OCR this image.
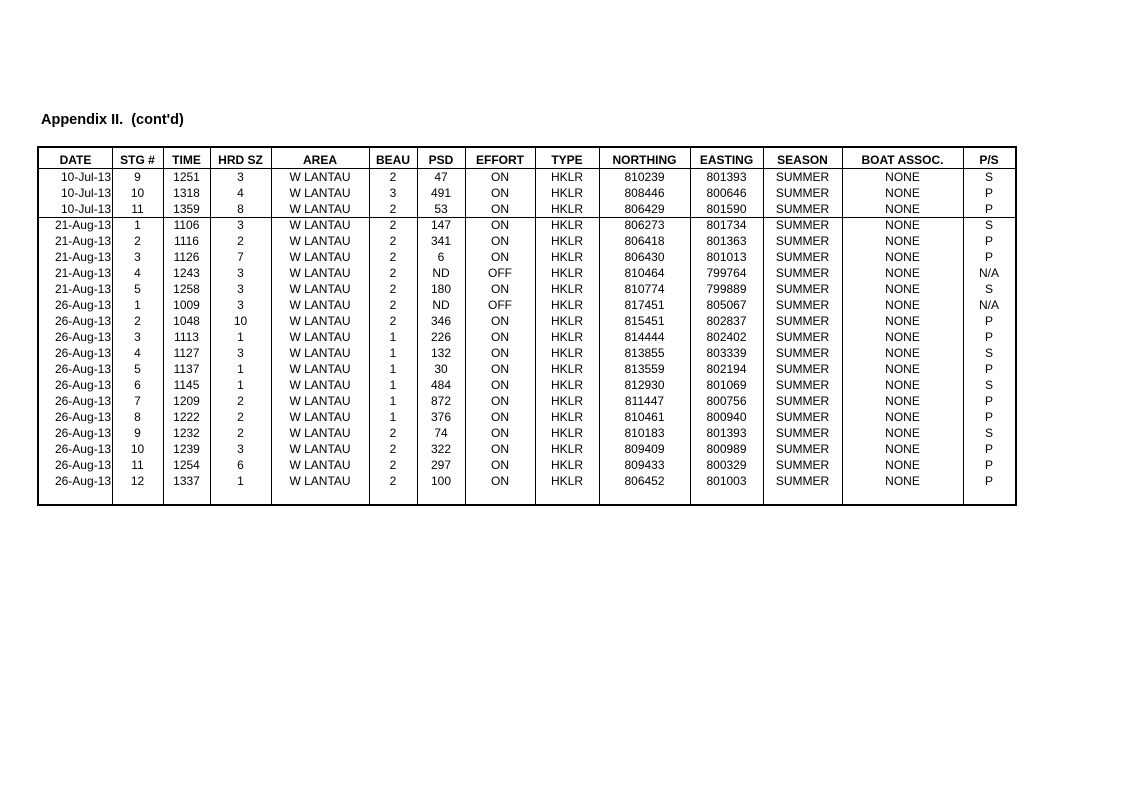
Appendix II.  (cont'd)
DATE	STG #	TIME	HRD SZ	AREA	BEAU	PSD	EFFORT	TYPE	NORTHING	EASTING	SEASON	BOAT ASSOC.	P/S
10-Jul-13	9	1251	3	W LANTAU	2	47	ON	HKLR	810239	801393	SUMMER	NONE	S
10-Jul-13	10	1318	4	W LANTAU	3	491	ON	HKLR	808446	800646	SUMMER	NONE	P
10-Jul-13	11	1359	8	W LANTAU	2	53	ON	HKLR	806429	801590	SUMMER	NONE	P
21-Aug-13	1	1106	3	W LANTAU	2	147	ON	HKLR	806273	801734	SUMMER	NONE	S
21-Aug-13	2	1116	2	W LANTAU	2	341	ON	HKLR	806418	801363	SUMMER	NONE	P
21-Aug-13	3	1126	7	W LANTAU	2	6	ON	HKLR	806430	801013	SUMMER	NONE	P
21-Aug-13	4	1243	3	W LANTAU	2	ND	OFF	HKLR	810464	799764	SUMMER	NONE	N/A
21-Aug-13	5	1258	3	W LANTAU	2	180	ON	HKLR	810774	799889	SUMMER	NONE	S
26-Aug-13	1	1009	3	W LANTAU	2	ND	OFF	HKLR	817451	805067	SUMMER	NONE	N/A
26-Aug-13	2	1048	10	W LANTAU	2	346	ON	HKLR	815451	802837	SUMMER	NONE	P
26-Aug-13	3	1113	1	W LANTAU	1	226	ON	HKLR	814444	802402	SUMMER	NONE	P
26-Aug-13	4	1127	3	W LANTAU	1	132	ON	HKLR	813855	803339	SUMMER	NONE	S
26-Aug-13	5	1137	1	W LANTAU	1	30	ON	HKLR	813559	802194	SUMMER	NONE	P
26-Aug-13	6	1145	1	W LANTAU	1	484	ON	HKLR	812930	801069	SUMMER	NONE	S
26-Aug-13	7	1209	2	W LANTAU	1	872	ON	HKLR	811447	800756	SUMMER	NONE	P
26-Aug-13	8	1222	2	W LANTAU	1	376	ON	HKLR	810461	800940	SUMMER	NONE	P
26-Aug-13	9	1232	2	W LANTAU	2	74	ON	HKLR	810183	801393	SUMMER	NONE	S
26-Aug-13	10	1239	3	W LANTAU	2	322	ON	HKLR	809409	800989	SUMMER	NONE	P
26-Aug-13	11	1254	6	W LANTAU	2	297	ON	HKLR	809433	800329	SUMMER	NONE	P
26-Aug-13	12	1337	1	W LANTAU	2	100	ON	HKLR	806452	801003	SUMMER	NONE	P
